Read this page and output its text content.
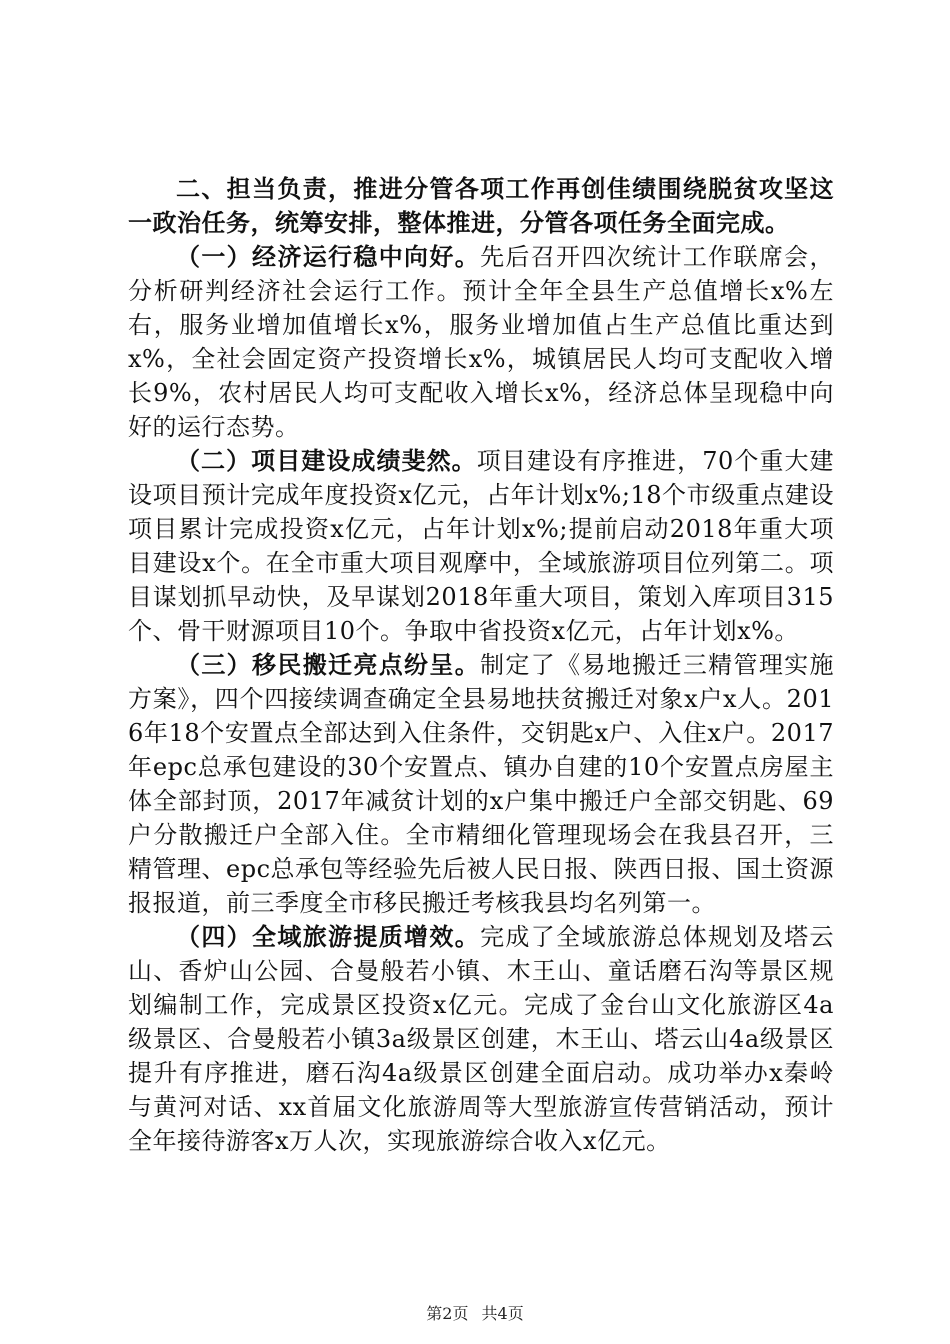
二、担当负责，推进分管各项工作再创佳绩围绕脱贫攻坚这一政治任务，统筹安排，整体推进，分管各项任务全面完成。

（一）经济运行稳中向好。先后召开四次统计工作联席会，分析研判经济社会运行工作。预计全年全县生产总值增长x%左右，服务业增加值增长x%，服务业增加值占生产总值比重达到x%，全社会固定资产投资增长x%，城镇居民人均可支配收入增长9%，农村居民人均可支配收入增长x%，经济总体呈现稳中向好的运行态势。

（二）项目建设成绩斐然。项目建设有序推进，70个重大建设项目预计完成年度投资x亿元，占年计划x%;18个市级重点建设项目累计完成投资x亿元，占年计划x%;提前启动2018年重大项目建设x个。在全市重大项目观摩中，全域旅游项目位列第二。项目谋划抓早动快，及早谋划2018年重大项目，策划入库项目315个、骨干财源项目10个。争取中省投资x亿元，占年计划x%。

（三）移民搬迁亮点纷呈。制定了《易地搬迁三精管理实施方案》，四个四接续调查确定全县易地扶贫搬迁对象x户x人。2016年18个安置点全部达到入住条件，交钥匙x户、入住x户。2017年epc总承包建设的30个安置点、镇办自建的10个安置点房屋主体全部封顶，2017年减贫计划的x户集中搬迁户全部交钥匙、69户分散搬迁户全部入住。全市精细化管理现场会在我县召开，三精管理、epc总承包等经验先后被人民日报、陕西日报、国土资源报报道，前三季度全市移民搬迁考核我县均名列第一。

（四）全域旅游提质增效。完成了全域旅游总体规划及塔云山、香炉山公园、合曼般若小镇、木王山、童话磨石沟等景区规划编制工作，完成景区投资x亿元。完成了金台山文化旅游区4a级景区、合曼般若小镇3a级景区创建，木王山、塔云山4a级景区提升有序推进，磨石沟4a级景区创建全面启动。成功举办x秦岭与黄河对话、xx首届文化旅游周等大型旅游宣传营销活动，预计全年接待游客x万人次，实现旅游综合收入x亿元。

第2页 共4页
